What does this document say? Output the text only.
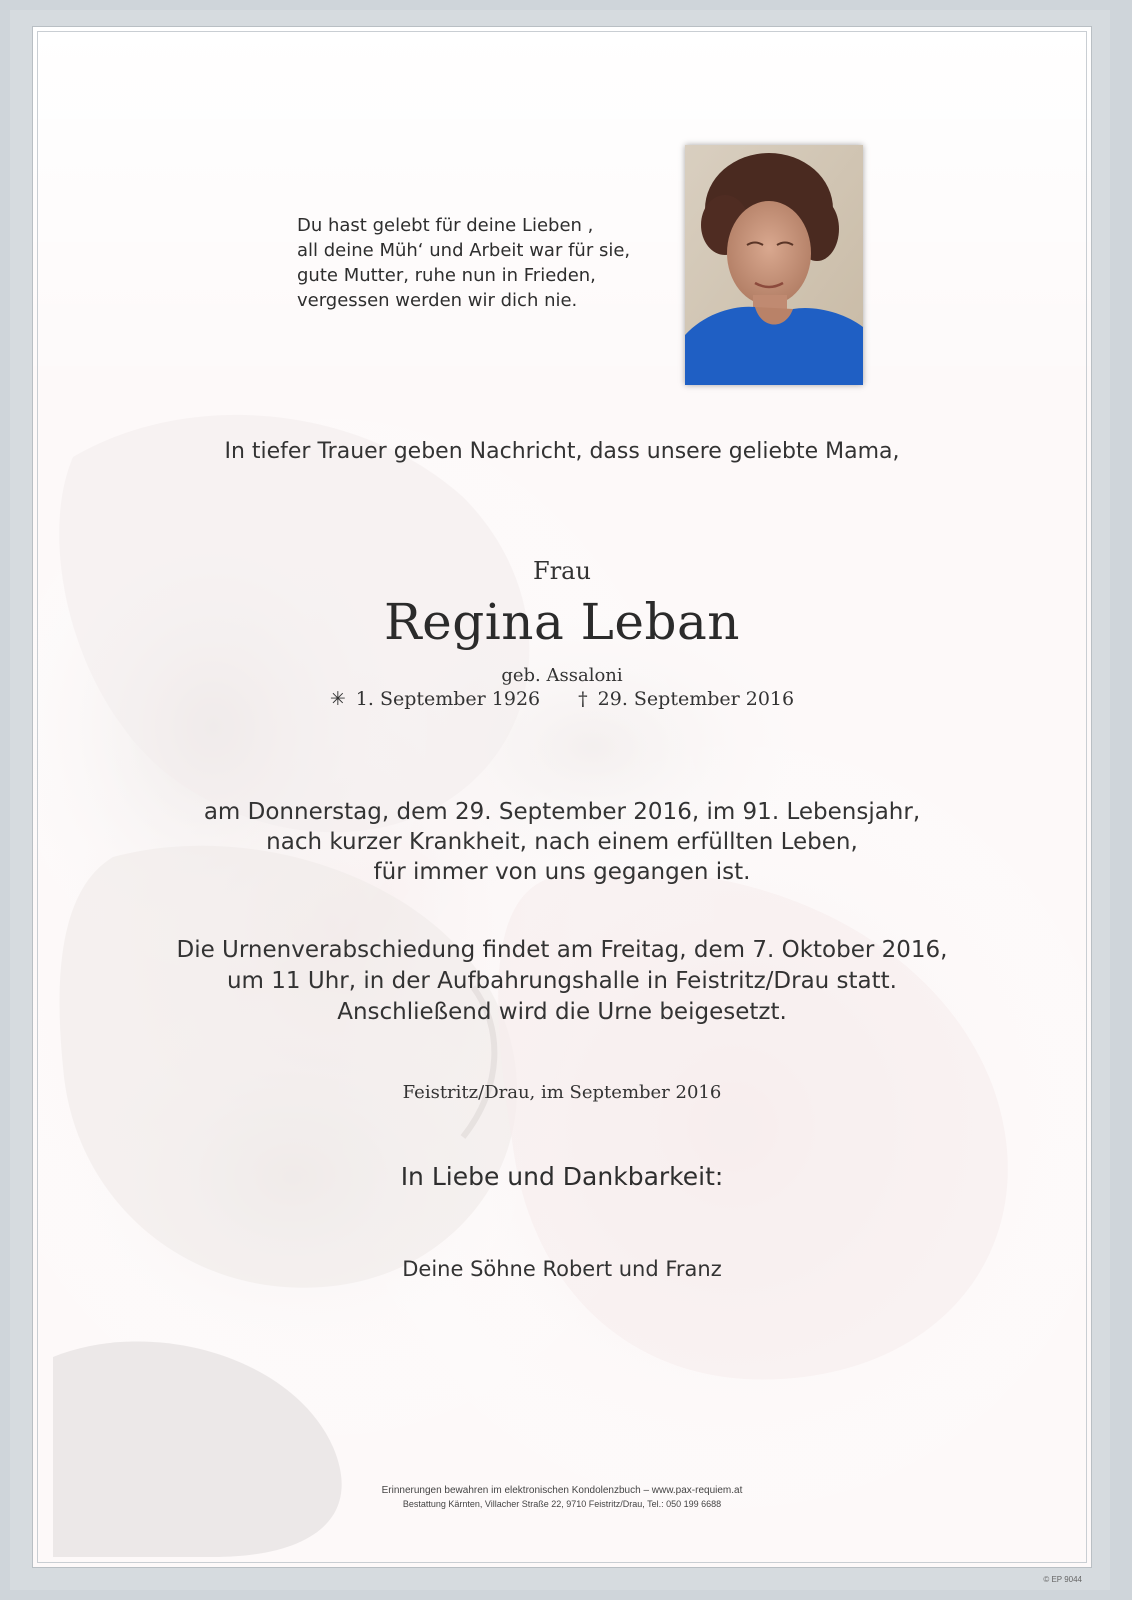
Du hast gelebt für deine Lieben ,
all deine Müh‘ und Arbeit war für sie,
gute Mutter, ruhe nun in Frieden,
vergessen werden wir dich nie.
In tiefer Trauer geben Nachricht, dass unsere geliebte Mama,
Frau
Regina Leban
geb. Assaloni
✳ 1. September 1926 † 29. September 2016
am Donnerstag, dem 29. September 2016, im 91. Lebensjahr,
nach kurzer Krankheit, nach einem erfüllten Leben,
für immer von uns gegangen ist.
Die Urnenverabschiedung findet am Freitag, dem 7. Oktober 2016,
um 11 Uhr, in der Aufbahrungshalle in Feistritz/Drau statt.
Anschließend wird die Urne beigesetzt.
Feistritz/Drau, im September 2016
In Liebe und Dankbarkeit:
Deine Söhne Robert und Franz
Erinnerungen bewahren im elektronischen Kondolenzbuch – www.pax-requiem.at
Bestattung Kärnten, Villacher Straße 22, 9710 Feistritz/Drau, Tel.: 050 199 6688
© EP 9044
